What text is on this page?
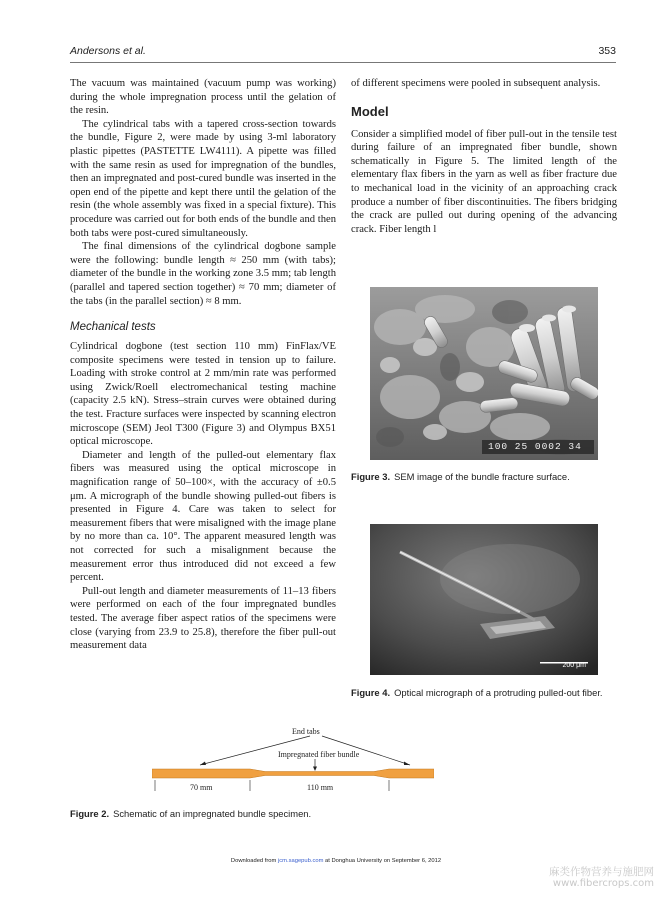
Andersons et al.	353

The vacuum was maintained (vacuum pump was working) during the whole impregnation process until the gelation of the resin.

The cylindrical tabs with a tapered cross-section towards the bundle, Figure 2, were made by using 3-ml laboratory plastic pipettes (PASTETTE LW4111). A pipette was filled with the same resin as used for impregnation of the bundles, then an impregnated and post-cured bundle was inserted in the open end of the pipette and kept there until the gelation of the resin (the whole assembly was fixed in a special fixture). This procedure was carried out for both ends of the bundle and then both tabs were post-cured simultaneously.

The final dimensions of the cylindrical dogbone sample were the following: bundle length ≈ 250 mm (with tabs); diameter of the bundle in the working zone 3.5 mm; tab length (parallel and tapered section together) ≈ 70 mm; diameter of the tabs (in the parallel section) ≈ 8 mm.

Mechanical tests

Cylindrical dogbone (test section 110 mm) FinFlax/VE composite specimens were tested in tension up to failure. Loading with stroke control at 2 mm/min rate was performed using Zwick/Roell electromechanical testing machine (capacity 2.5 kN). Stress–strain curves were obtained during the test. Fracture surfaces were inspected by scanning electron microscope (SEM) Jeol T300 (Figure 3) and Olympus BX51 optical microscope.

Diameter and length of the pulled-out elementary flax fibers was measured using the optical microscope in magnification range of 50–100×, with the accuracy of ±0.5 μm. A micrograph of the bundle showing pulled-out fibers is presented in Figure 4. Care was taken to select for measurement fibers that were misaligned with the image plane by no more than ca. 10°. The apparent measured length was not corrected for such a misalignment because the measurement error thus introduced did not exceed a few percent.

Pull-out length and diameter measurements of 11–13 fibers were performed on each of the four impregnated bundles tested. The average fiber aspect ratios of the specimens were close (varying from 23.9 to 25.8), therefore the fiber pull-out measurement data

of different specimens were pooled in subsequent analysis.

Model

Consider a simplified model of fiber pull-out in the tensile test during failure of an impregnated fiber bundle, shown schematically in Figure 5. The limited length of the elementary flax fibers in the yarn as well as fiber fracture due to mechanical load in the vicinity of an approaching crack produce a number of fiber discontinuities. The fibers bridging the crack are pulled out during opening of the advancing crack. Fiber length l

100 25 0002 34
Figure 3. SEM image of the bundle fracture surface.
200 μm
Figure 4. Optical micrograph of a protruding pulled-out fiber.
End tabs
Impregnated fiber bundle
70 mm	110 mm
Figure 2. Schematic of an impregnated bundle specimen.
Downloaded from jcm.sagepub.com at Donghua University on September 6, 2012
麻类作物营养与施肥网
www.fibercrops.com
